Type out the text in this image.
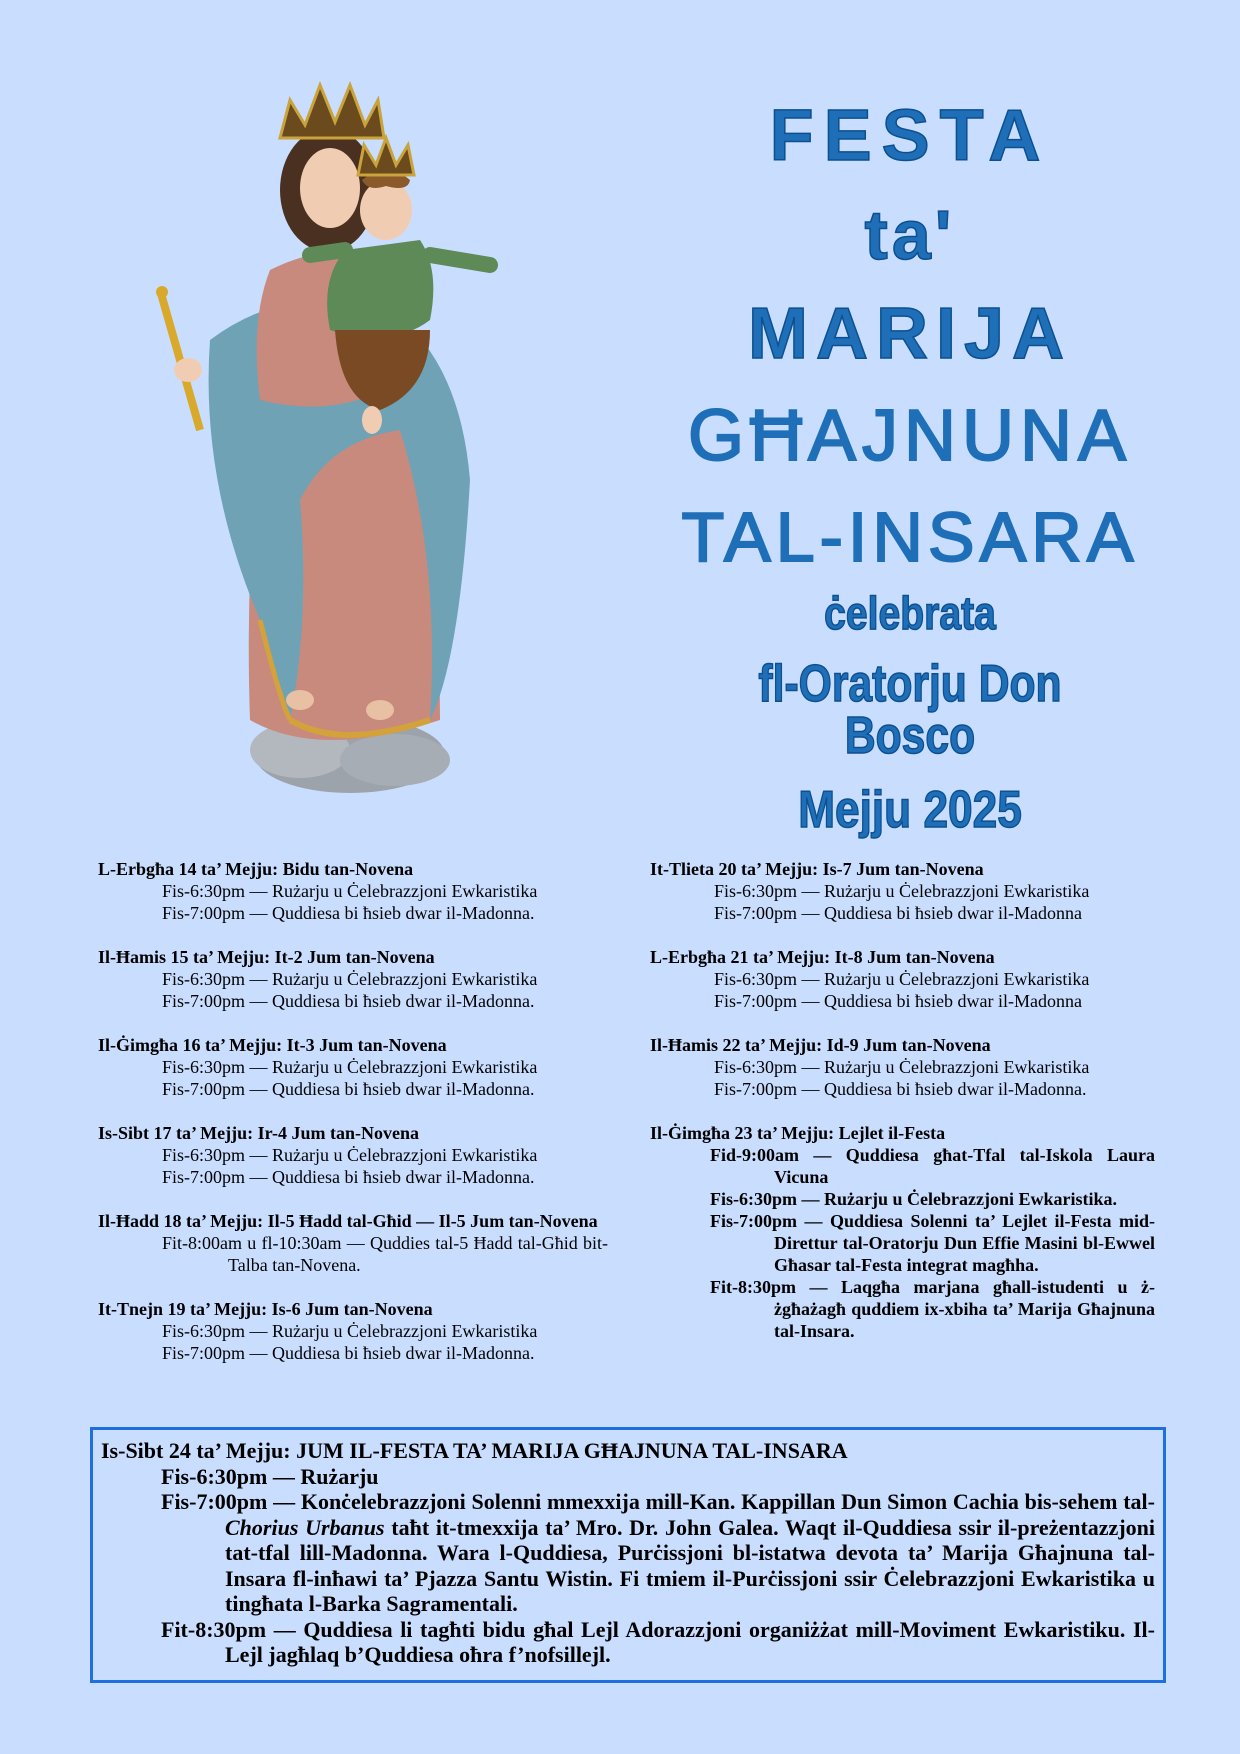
FESTA
ta'
MARIJA
GĦAJNUNA
TAL-INSARA
ċelebrata
fl-Oratorju Don Bosco
Mejju 2025
L-Erbgħa 14 ta’ Mejju: Bidu tan-Novena
Fis-6:30pm — Rużarju u Ċelebrazzjoni Ewkaristika
Fis-7:00pm — Quddiesa bi ħsieb dwar il-Madonna.
Il-Ħamis 15 ta’ Mejju: It-2 Jum tan-Novena
Fis-6:30pm — Rużarju u Ċelebrazzjoni Ewkaristika
Fis-7:00pm — Quddiesa bi ħsieb dwar il-Madonna.
Il-Ġimgħa 16 ta’ Mejju: It-3 Jum tan-Novena
Fis-6:30pm — Rużarju u Ċelebrazzjoni Ewkaristika
Fis-7:00pm — Quddiesa bi ħsieb dwar il-Madonna.
Is-Sibt 17 ta’ Mejju: Ir-4 Jum tan-Novena
Fis-6:30pm — Rużarju u Ċelebrazzjoni Ewkaristika
Fis-7:00pm — Quddiesa bi ħsieb dwar il-Madonna.
Il-Ħadd 18 ta’ Mejju: Il-5 Ħadd tal-Għid — Il-5 Jum tan-Novena
Fit-8:00am u fl-10:30am — Quddies tal-5 Ħadd tal-Għid bit-Talba tan-Novena.
It-Tnejn 19 ta’ Mejju: Is-6 Jum tan-Novena
Fis-6:30pm — Rużarju u Ċelebrazzjoni Ewkaristika
Fis-7:00pm — Quddiesa bi ħsieb dwar il-Madonna.
It-Tlieta 20 ta’ Mejju: Is-7 Jum tan-Novena
Fis-6:30pm — Rużarju u Ċelebrazzjoni Ewkaristika
Fis-7:00pm — Quddiesa bi ħsieb dwar il-Madonna
L-Erbgħa 21 ta’ Mejju: It-8 Jum tan-Novena
Fis-6:30pm — Rużarju u Ċelebrazzjoni Ewkaristika
Fis-7:00pm — Quddiesa bi ħsieb dwar il-Madonna
Il-Ħamis 22 ta’ Mejju: Id-9 Jum tan-Novena
Fis-6:30pm — Rużarju u Ċelebrazzjoni Ewkaristika
Fis-7:00pm — Quddiesa bi ħsieb dwar il-Madonna.
Il-Ġimgħa 23 ta’ Mejju: Lejlet il-Festa
Fid-9:00am — Quddiesa għat-Tfal tal-Iskola Laura Vicuna
Fis-6:30pm — Rużarju u Ċelebrazzjoni Ewkaristika.
Fis-7:00pm — Quddiesa Solenni ta’ Lejlet il-Festa mid-Direttur tal-Oratorju Dun Effie Masini bl-Ewwel Għasar tal-Festa integrat magħha.
Fit-8:30pm — Laqgħa marjana għall-istudenti u ż-żgħażagħ quddiem ix-xbiha ta’ Marija Għajnuna tal-Insara.
Is-Sibt 24 ta’ Mejju: JUM IL-FESTA TA’ MARIJA GĦAJNUNA TAL-INSARA
Fis-6:30pm — Rużarju
Fis-7:00pm — Konċelebrazzjoni Solenni mmexxija mill-Kan. Kappillan Dun Simon Cachia bis-sehem tal-Chorius Urbanus taħt it-tmexxija ta’ Mro. Dr. John Galea. Waqt il-Quddiesa ssir il-preżentazzjoni tat-tfal lill-Madonna. Wara l-Quddiesa, Purċissjoni bl-istatwa devota ta’ Marija Għajnuna tal-Insara fl-inħawi ta’ Pjazza Santu Wistin. Fi tmiem il-Purċissjoni ssir Ċelebrazzjoni Ewkaristika u tingħata l-Barka Sagramentali.
Fit-8:30pm — Quddiesa li tagħti bidu għal Lejl Adorazzjoni organiżżat mill-Moviment Ewkaristiku. Il-Lejl jagħlaq b’Quddiesa oħra f’nofsillejl.
